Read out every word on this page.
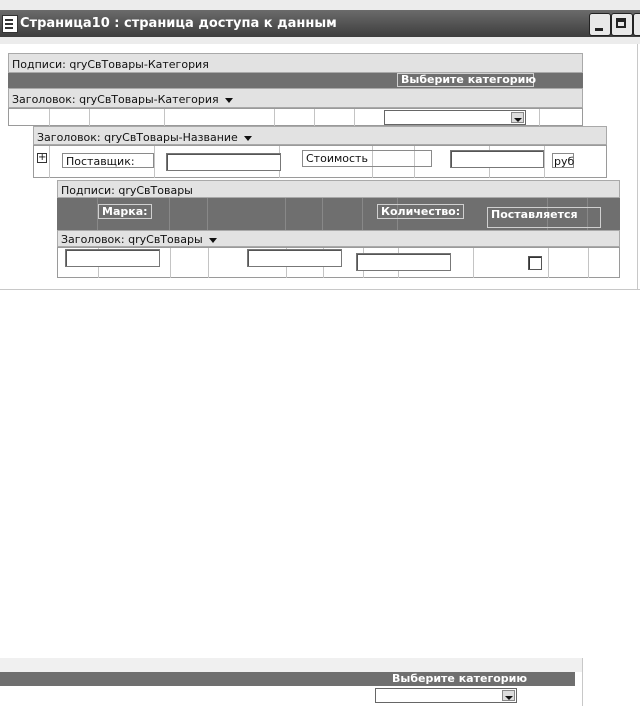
Страница10 : страница доступа к данным
Подписи: qryСвТовары-Категория
Выберите категорию
Заголовок: qryСвТовары-Категория
Заголовок: qryСвТовары-Название
+	Поставщик:	Стоимость	руб
Подписи: qryСвТовары
Марка:	Количество:	Поставляется
Заголовок: qryСвТовары
Выберите категорию
